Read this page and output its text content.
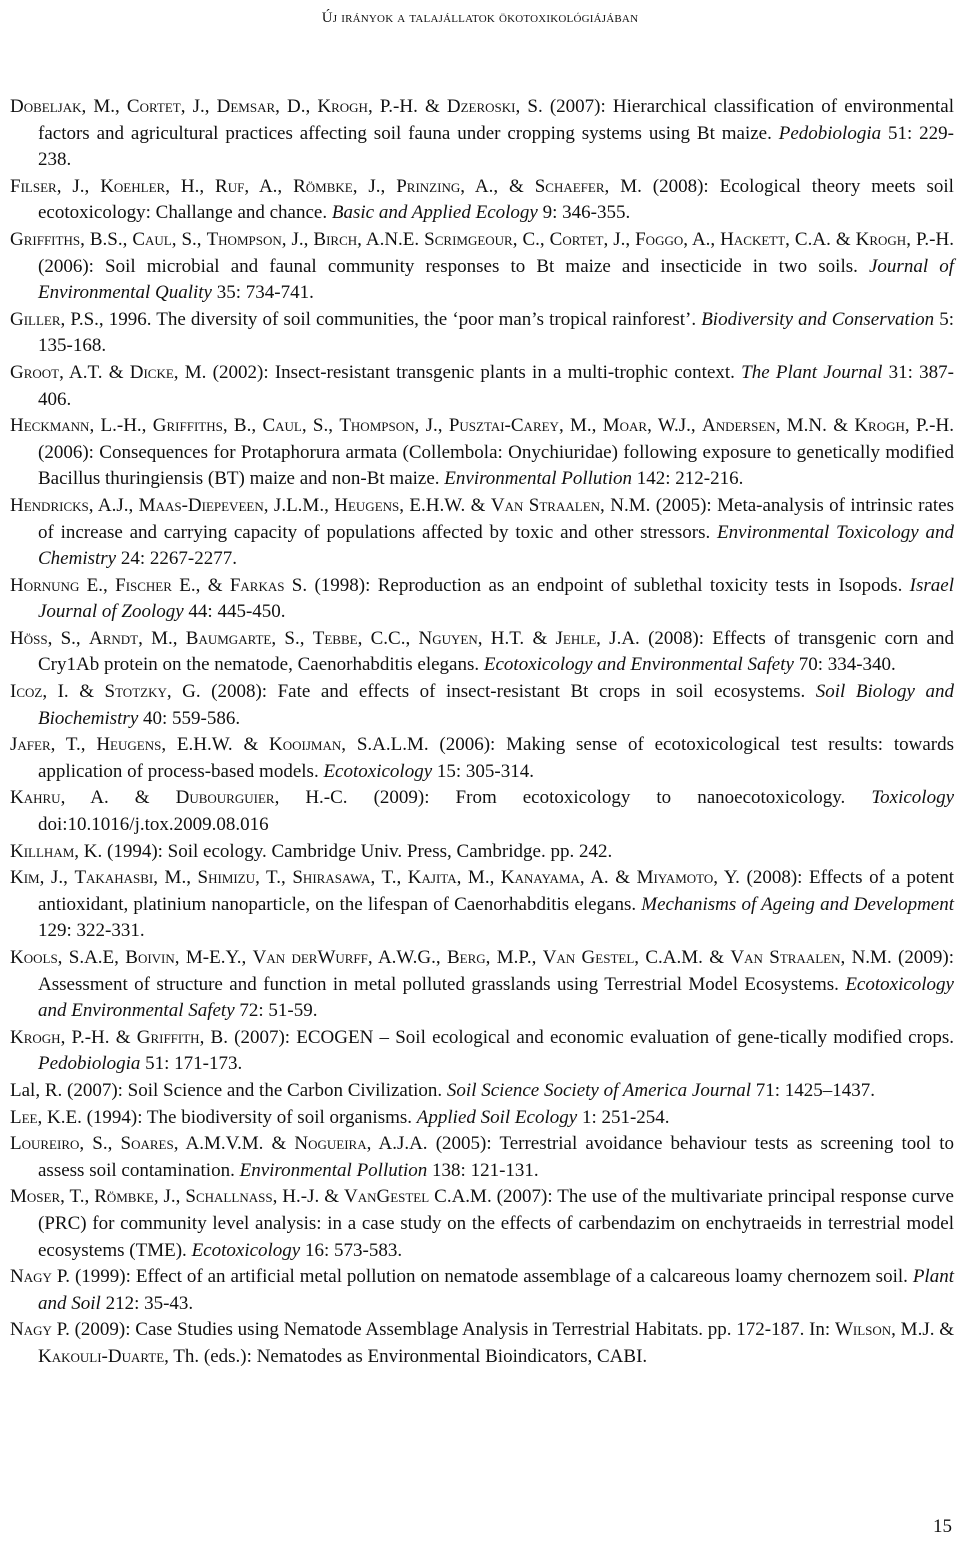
Új irányok a talajállatok ökotoxikológiájában
Dobeljak, M., Cortet, J., Demsar, D., Krogh, P.-H. & Dzeroski, S. (2007): Hierarchical classification of environmental factors and agricultural practices affecting soil fauna under cropping systems using Bt maize. Pedobiologia 51: 229-238.
Filser, J., Koehler, H., Ruf, A., Römbke, J., Prinzing, A., & Schaefer, M. (2008): Ecological theory meets soil ecotoxicology: Challange and chance. Basic and Applied Ecology 9: 346-355.
Griffiths, B.S., Caul, S., Thompson, J., Birch, A.N.E. Scrimgeour, C., Cortet, J., Foggo, A., Hackett, C.A. & Krogh, P.-H. (2006): Soil microbial and faunal community responses to Bt maize and insecticide in two soils. Journal of Environmental Quality 35: 734-741.
Giller, P.S., 1996. The diversity of soil communities, the ‘poor man’s tropical rainforest’. Biodiversity and Conservation 5: 135-168.
Groot, A.T. & Dicke, M. (2002): Insect-resistant transgenic plants in a multi-trophic context. The Plant Journal 31: 387-406.
Heckmann, L.-H., Griffiths, B., Caul, S., Thompson, J., Pusztai-Carey, M., Moar, W.J., Andersen, M.N. & Krogh, P.-H. (2006): Consequences for Protaphorura armata (Collembola: Onychiuridae) following exposure to genetically modified Bacillus thuringiensis (BT) maize and non-Bt maize. Environmental Pollution 142: 212-216.
Hendricks, A.J., Maas-Diepeveen, J.L.M., Heugens, E.H.W. & Van Straalen, N.M. (2005): Meta-analysis of intrinsic rates of increase and carrying capacity of populations affected by toxic and other stressors. Environmental Toxicology and Chemistry 24: 2267-2277.
Hornung E., Fischer E., & Farkas S. (1998): Reproduction as an endpoint of sublethal toxicity tests in Isopods. Israel Journal of Zoology 44: 445-450.
Höss, S., Arndt, M., Baumgarte, S., Tebbe, C.C., Nguyen, H.T. & Jehle, J.A. (2008): Effects of transgenic corn and Cry1Ab protein on the nematode, Caenorhabditis elegans. Ecotoxicology and Environmental Safety 70: 334-340.
Icoz, I. & Stotzky, G. (2008): Fate and effects of insect-resistant Bt crops in soil ecosystems. Soil Biology and Biochemistry 40: 559-586.
Jafer, T., Heugens, E.H.W. & Kooijman, S.A.L.M. (2006): Making sense of ecotoxicological test results: towards application of process-based models. Ecotoxicology 15: 305-314.
Kahru, A. & Dubourguier, H.-C. (2009): From ecotoxicology to nanoecotoxicology. Toxicology doi:10.1016/j.tox.2009.08.016
Killham, K. (1994): Soil ecology. Cambridge Univ. Press, Cambridge. pp. 242.
Kim, J., Takahasbi, M., Shimizu, T., Shirasawa, T., Kajita, M., Kanayama, A. & Miyamoto, Y. (2008): Effects of a potent antioxidant, platinium nanoparticle, on the lifespan of Caenorhabditis elegans. Mechanisms of Ageing and Development 129: 322-331.
Kools, S.A.E, Boivin, M-E.Y., Van derWurff, A.W.G., Berg, M.P., Van Gestel, C.A.M. & Van Straalen, N.M. (2009): Assessment of structure and function in metal polluted grasslands using Terrestrial Model Ecosystems. Ecotoxicology and Environmental Safety 72: 51-59.
Krogh, P.-H. & Griffith, B. (2007): ECOGEN – Soil ecological and economic evaluation of gene-tically modified crops. Pedobiologia 51: 171-173.
Lal, R. (2007): Soil Science and the Carbon Civilization. Soil Science Society of America Journal 71: 1425–1437.
Lee, K.E. (1994): The biodiversity of soil organisms. Applied Soil Ecology 1: 251-254.
Loureiro, S., Soares, A.M.V.M. & Nogueira, A.J.A. (2005): Terrestrial avoidance behaviour tests as screening tool to assess soil contamination. Environmental Pollution 138: 121-131.
Moser, T., Römbke, J., Schallnass, H.-J. & VanGestel C.A.M. (2007): The use of the multivariate principal response curve (PRC) for community level analysis: in a case study on the effects of carbendazim on enchytraeids in terrestrial model ecosystems (TME). Ecotoxicology 16: 573-583.
Nagy P. (1999): Effect of an artificial metal pollution on nematode assemblage of a calcareous loamy chernozem soil. Plant and Soil 212: 35-43.
Nagy P. (2009): Case Studies using Nematode Assemblage Analysis in Terrestrial Habitats. pp. 172-187. In: Wilson, M.J. & Kakouli-Duarte, Th. (eds.): Nematodes as Environmental Bioindicators, CABI.
15
